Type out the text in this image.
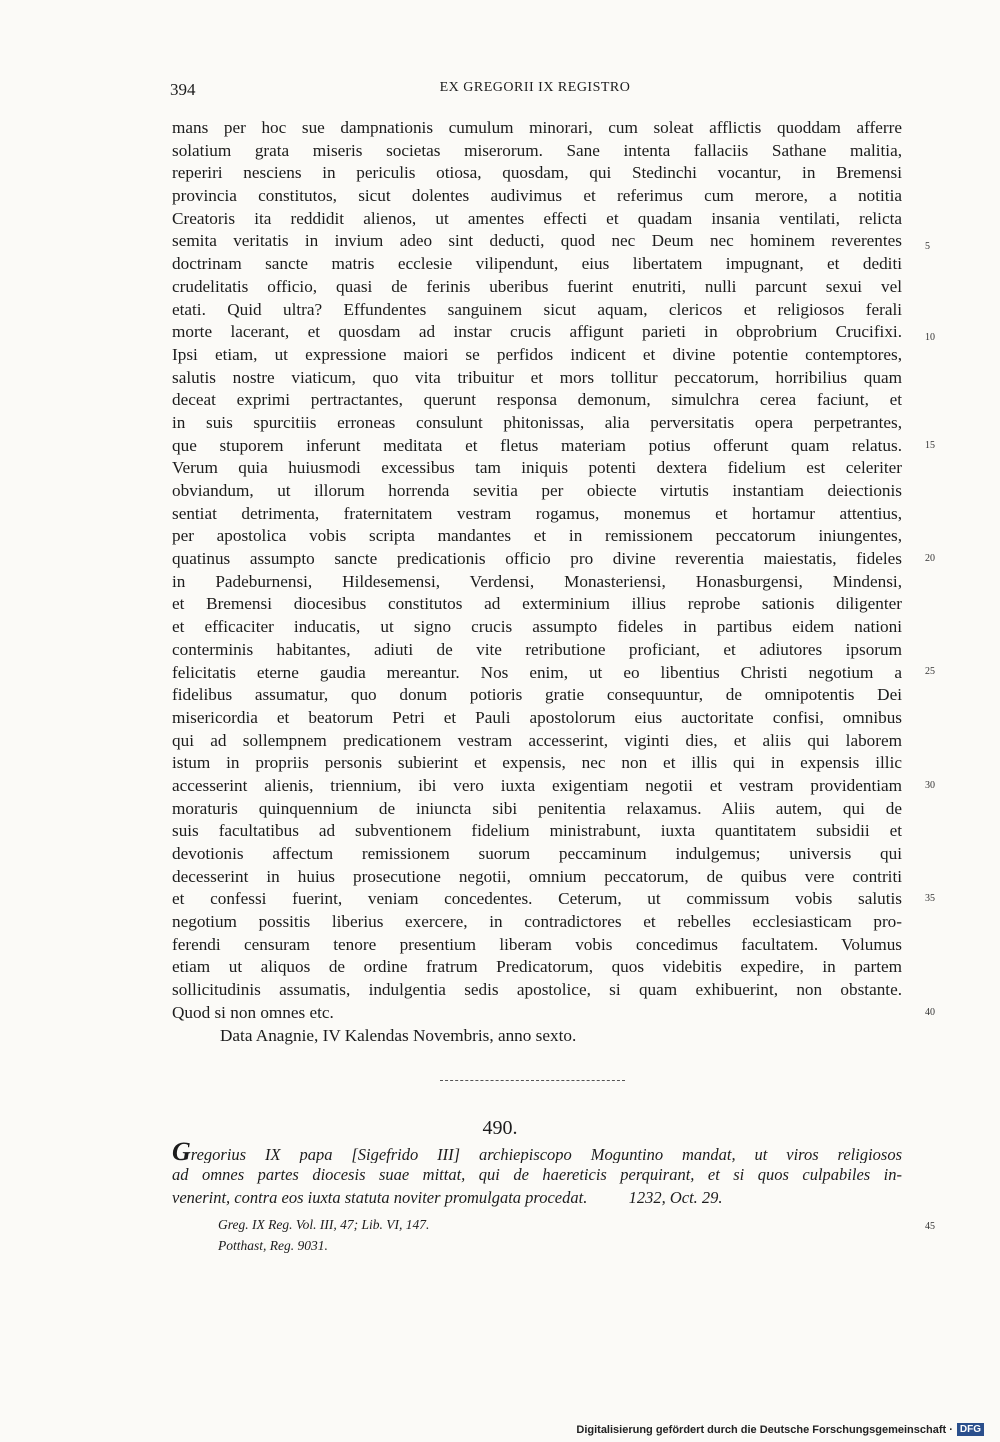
394	EX GREGORII IX REGISTRO
mans per hoc sue dampnationis cumulum minorari, cum soleat afflictis quoddam afferre
solatium grata miseris societas miserorum. Sane intenta fallaciis Sathane malitia,
reperiri nesciens in periculis otiosa, quosdam, qui Stedinchi vocantur, in Bremensi
provincia constitutos, sicut dolentes audivimus et referimus cum merore, a notitia
Creatoris ita reddidit alienos, ut amentes effecti et quadam insania ventilati, relicta
semita veritatis in invium adeo sint deducti, quod nec Deum nec hominem reverentes
doctrinam sancte matris ecclesie vilipendunt, eius libertatem impugnant, et dediti
crudelitatis officio, quasi de ferinis uberibus fuerint enutriti, nulli parcunt sexui vel
etati. Quid ultra? Effundentes sanguinem sicut aquam, clericos et religiosos ferali
morte lacerant, et quosdam ad instar crucis affigunt parieti in obprobrium Crucifixi.
Ipsi etiam, ut expressione maiori se perfidos indicent et divine potentie contemptores,
salutis nostre viaticum, quo vita tribuitur et mors tollitur peccatorum, horribilius quam
deceat exprimi pertractantes, querunt responsa demonum, simulchra cerea faciunt, et
in suis spurcitiis erroneas consulunt phitonissas, alia perversitatis opera perpetrantes,
que stuporem inferunt meditata et fletus materiam potius offerunt quam relatus.
Verum quia huiusmodi excessibus tam iniquis potenti dextera fidelium est celeriter
obviandum, ut illorum horrenda sevitia per obiecte virtutis instantiam deiectionis
sentiat detrimenta, fraternitatem vestram rogamus, monemus et hortamur attentius,
per apostolica vobis scripta mandantes et in remissionem peccatorum iniungentes,
quatinus assumpto sancte predicationis officio pro divine reverentia maiestatis, fideles
in Padeburnensi, Hildesemensi, Verdensi, Monasteriensi, Honasburgensi, Mindensi,
et Bremensi diocesibus constitutos ad exterminium illius reprobe sationis diligenter
et efficaciter inducatis, ut signo crucis assumpto fideles in partibus eidem nationi
conterminis habitantes, adiuti de vite retributione proficiant, et adiutores ipsorum
felicitatis eterne gaudia mereantur. Nos enim, ut eo libentius Christi negotium a
fidelibus assumatur, quo donum potioris gratie consequuntur, de omnipotentis Dei
misericordia et beatorum Petri et Pauli apostolorum eius auctoritate confisi, omnibus
qui ad sollempnem predicationem vestram accesserint, viginti dies, et aliis qui laborem
istum in propriis personis subierint et expensis, nec non et illis qui in expensis illic
accesserint alienis, triennium, ibi vero iuxta exigentiam negotii et vestram providentiam
moraturis quinquennium de iniuncta sibi penitentia relaxamus. Aliis autem, qui de
suis facultatibus ad subventionem fidelium ministrabunt, iuxta quantitatem subsidii et
devotionis affectum remissionem suorum peccaminum indulgemus; universis qui
decesserint in huius prosecutione negotii, omnium peccatorum, de quibus vere contriti
et confessi fuerint, veniam concedentes. Ceterum, ut commissum vobis salutis
negotium possitis liberius exercere, in contradictores et rebelles ecclesiasticam pro-
ferendi censuram tenore presentium liberam vobis concedimus facultatem. Volumus
etiam ut aliquos de ordine fratrum Predicatorum, quos videbitis expedire, in partem
sollicitudinis assumatis, indulgentia sedis apostolice, si quam exhibuerint, non obstante.
Quod si non omnes etc.
5
10
15
20
25
30
35
40
45
Data Anagnie, IV Kalendas Novembris, anno sexto.
490.
Gregorius IX papa [Sigefrido III] archiepiscopo Moguntino mandat, ut viros religiosos
ad omnes partes diocesis suae mittat, qui de haereticis perquirant, et si quos culpabiles in-
venerint, contra eos iuxta statuta noviter promulgata procedat.          1232, Oct. 29.
Greg. IX Reg. Vol. III, 47; Lib. VI, 147.
Potthast, Reg. 9031.
Digitalisierung gefördert durch die Deutsche Forschungsgemeinschaft · DFG
